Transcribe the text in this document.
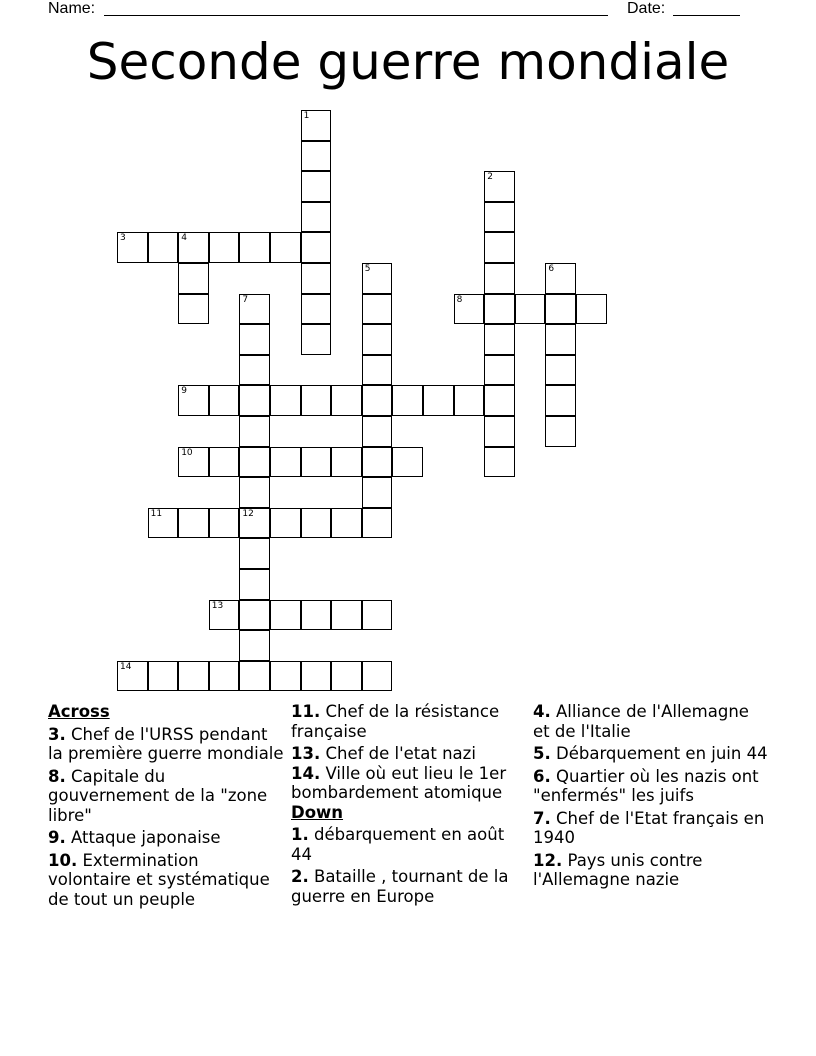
Name:	Date:
Seconde guerre mondiale
1
2
3	4
5	6
7
12
8
9
10
11
13
14
Across
3. Chef de l'URSS pendant la première guerre mondiale
8. Capitale du gouvernement de la "zone libre"
9. Attaque japonaise
10. Extermination volontaire et systématique de tout un peuple
11. Chef de la résistance française
13. Chef de l'etat nazi
14. Ville où eut lieu le 1er bombardement atomique
Down
1. débarquement en août 44
2. Bataille , tournant de la guerre en Europe
4. Alliance de l'Allemagne et de l'Italie
5. Débarquement en juin 44
6. Quartier où les nazis ont "enfermés" les juifs
7. Chef de l'Etat français en 1940
12. Pays unis contre l'Allemagne nazie
